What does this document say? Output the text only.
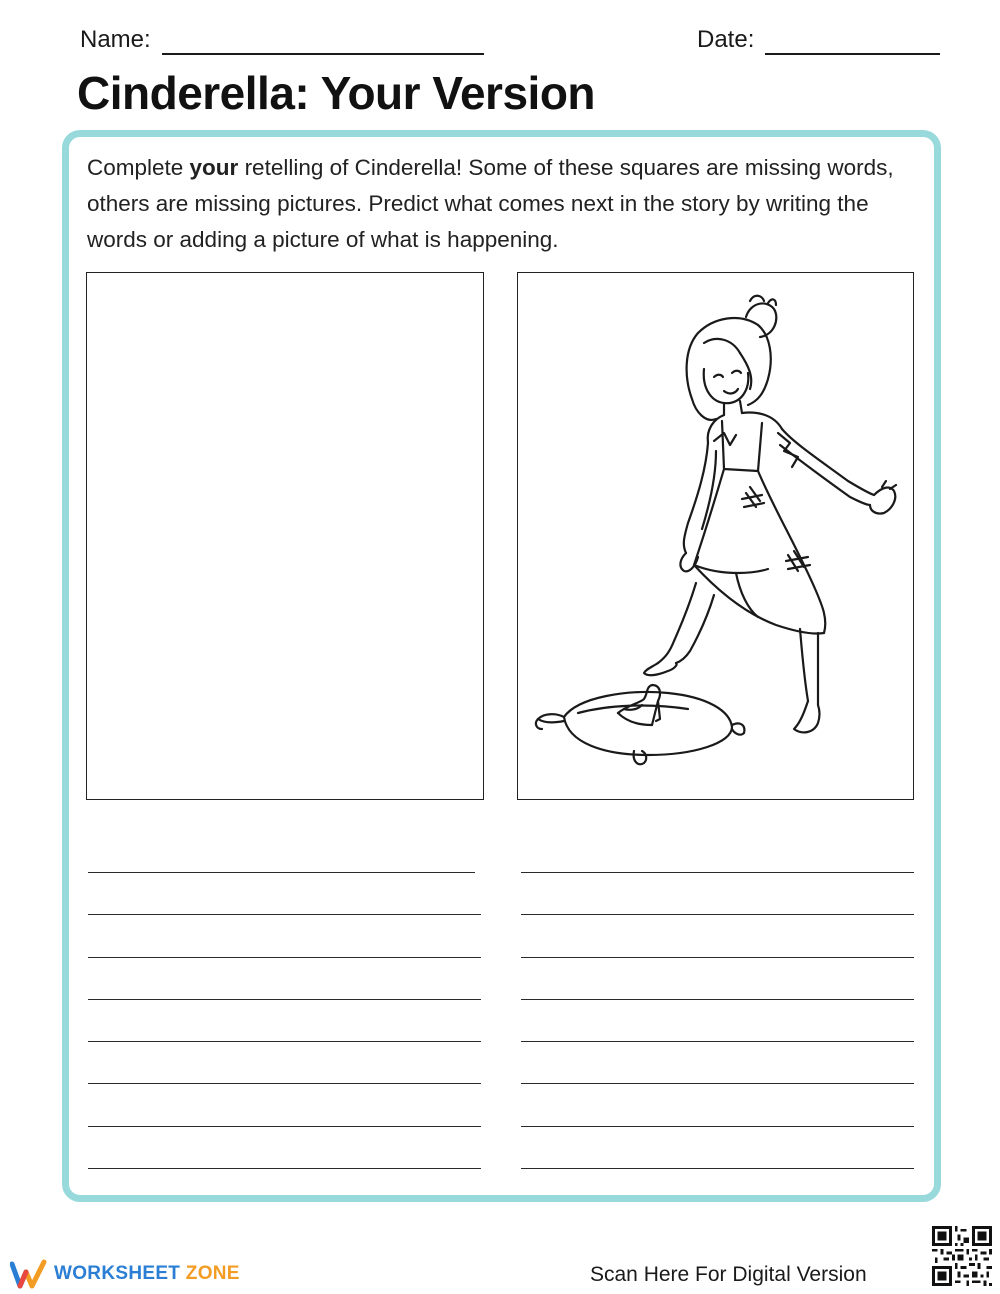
Name:	Date:
Cinderella: Your Version
Complete your retelling of Cinderella! Some of these squares are missing words, others are missing pictures. Predict what comes next in the story by writing the words or adding a picture of what is happening.
WORKSHEET ZONE	Scan Here For Digital Version
